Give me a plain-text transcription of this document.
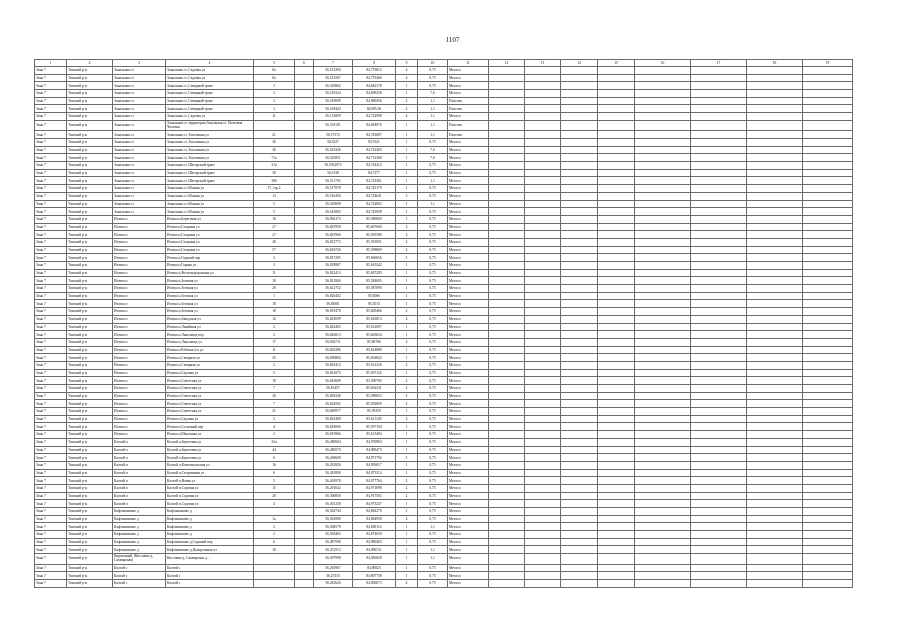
1107
1	2	3	4	5	6	7	8	9	10	11	12	13	14	15	16	17	18	19
Зона 7	Томский р-н	Зональная ст.	Зональная ст.,Садовая ул	8а		56,512394	84,753812	4	0,75	Металл								
Зона 7	Томский р-н	Зональная ст.	Зональная ст.,Садовая ул	8а		56,512567	84,753466	4	0,75	Металл								
Зона 7	Томский р-н	Зональная ст.	Зональная ст.,Северный тракт	3		56,520862	84,682378	1	0,75	Металл								
Зона 7	Томский р-н	Зональная ст.	Зональная ст.,Северный тракт	3		56,519224	84,699258	1	7,6	Металл								
Зона 7	Томский р-н	Зональная ст.	Зональная ст.,Северный тракт	3		56,519099	84,980456	2	1,1	Пластик								
Зона 7	Томский р-н	Зональная ст.	Зональная ст.,Северный тракт	3		56,518442	84,985,56	2	1,1	Пластик								
Зона 7	Томский р-н	Зональная ст.	Зональная ст.,Садовая ул	11		56,152899	84,742998	4	1,1	Металл								
Зона 7	Томский р-н	Зональная ст.	Зональная ст.,территория Зональная ст. Почтовая Часовня			56,501181	84,694976	1	1,1	Пластик								
Зона 7	Томский р-н	Зональная ст.	Зональная ст.,Тополиная ул	21		56,57372	84,743687	1	1,1	Пластик								
Зона 7	Томский р-н	Зональная ст.	Зональная ст.,Тополиная ул	36		56,5227	84,7621	1	0,75	Металл								
Зона 7	Томский р-н	Зональная ст.	Зональная ст.,Тополиная ул	36		56,523446	84,742465	1	7,6	Металл								
Зона 7	Томский р-н	Зональная ст.	Зональная ст.,Тополиная ул	71а		56,525851	84,712368	1	7,6	Металл								
Зона 7	Томский р-н	Зональная ст.	Зональная ст.,Шегарский тракт	21а		56,5352974	84,744412	1	0,75	Металл								
Зона 7	Томский р-н	Зональная ст.	Зональная ст.,Шегарский тракт	30		56,5138	84,7277	1	0,75	Металл								
Зона 7	Томский р-н	Зональная ст.	Зональная ст.,Шегарский тракт	38б		56,511703	84,725301	1	1,1	Металл								
Зона 7	Томский р-н	Зональная ст.	Зональная ст.,Южная ул	17, стр.2		56,517878	84,745179	1	0,75	Металл								
Зона 7	Томский р-н	Зональная ст.	Зональная ст.,Южная ул	13		56,516456	84,744641	3	0,75	Металл								
Зона 7	Томский р-н	Зональная ст.	Зональная ст.,Южная ул	5		56,520808	84,742802	1	1,1	Металл								
Зона 7	Томский р-н	Зональная ст.	Зональная ст.,Южная ул	5		56,541805	84,745938	1	0,75	Металл								
Зона 7	Томский р-н	Итатка п	Итатка п,Береговая ул	16		56,836173	85,580669	1	0,75	Металл								
Зона 7	Томский р-н	Итатка п	Итатка п,Гагарина ул	27		56,825958	85,607660	2	0,75	Металл								
Зона 7	Томский р-н	Итатка п	Итатка п,Гагарина ул	27		56,825966	85,595586	2	0,75	Металл								
Зона 7	Томский р-н	Итатка п	Итатка п,Гагарина ул	40		56,812773	85,591851	2	0,75	Металл								
Зона 7	Томский р-н	Итатка п	Итатка п,Гагарина ул	57		56,816726	85,598869	2	0,75	Металл								
Зона 7	Томский р-н	Итатка п	Итатка п,Горький пер	2		56,817205	85,606656	1	0,75	Металл								
Зона 7	Томский р-н	Итатка п	Итатка п,Горная ул	3		56,818807	85,610242	1	0,75	Металл								
Зона 7	Томский р-н	Итатка п	Итатка п,Железнодорожная ул	11		56,822414	85,607205	1	0,75	Металл								
Зона 7	Томский р-н	Итатка п	Итатка п,Зеленая ул	10		56,821806	85,584695	1	0,75	Металл								
Зона 7	Томский р-н	Итатка п	Итатка п,Зеленая ул	29		56,821752	85,587090	1	0,75	Металл								
Зона 7	Томский р-н	Итатка п	Итатка п,Зеленая ул	1		56,826402	85,6066	1	0,75	Металл								
Зона 7	Томский р-н	Итатка п	Итатка п,Зеленая ул	18		56,83001	85,5013	1	0,75	Металл								
Зона 7	Томский р-н	Итатка п	Итатка п,Зеленая ул	10		56,819478	85,605466	2	0,75	Металл								
Зона 7	Томский р-н	Итатка п	Итатка п,Заводская ул	12		56,823699	85,616813	2	0,75	Металл								
Зона 7	Томский р-н	Итатка п	Итатка п,Линейная ул	2		56,822405	85,612697	1	0,75	Металл								
Зона 7	Томский р-н	Итатка п	Итатка п,Льнозавод пер	2		56,826613	85,603654	1	0,75	Металл								
Зона 7	Томский р-н	Итатка п	Итатка п,Льнозавод ул	17		56,826711	85,60766	2	0,75	Металл								
Зона 7	Томский р-н	Итатка п	Итатка п,Рабочая 2-я ул	11		56,820286	85,614889	1	0,75	Металл								
Зона 7	Томский р-н	Итатка п	Итатка п,Северная ул	35		56,830884	85,602822	1	0,75	Металл								
Зона 7	Томский р-н	Итатка п	Итатка п,Северная ул	2		56,823414	85,612226	2	0,75	Металл								
Зона 7	Томский р-н	Итатка п	Итатка п,Садовая ул	5		56,812075	85,597125	1	0,75	Металл								
Зона 7	Томский р-н	Итатка п	Итатка п,Советская ул	19		56,816609	85,590769	2	0,75	Металл								
Зона 7	Томский р-н	Итатка п	Итатка п,Советская ул	7		56,81457	85,602231	2	0,75	Металл								
Зона 7	Томский р-н	Итатка п	Итатка п,Советская ул	26		56,828346	85,589653	2	0,75	Металл								
Зона 7	Томский р-н	Итатка п	Итатка п,Советская ул	7		56,824592	85,592869	2	0,75	Металл								
Зона 7	Томский р-н	Итатка п	Итатка п,Советская ул	21		56,820977	85,59359	1	0,75	Металл								
Зона 7	Томский р-н	Итатка п	Итатка п,Садовая ул	2		56,825408	85,611345	2	0,75	Металл								
Зона 7	Томский р-н	Итатка п	Итатка п,Сосновый пер	4		56,818006	85,597194	1	0,75	Металл								
Зона 7	Томский р-н	Итатка п	Итатка п,Школьная ул	2		56,819966	85,613484	1	0,75	Металл								
Зона 7	Томский р-н	Калтай п	Калтай п,Береговая ул	32а		56,280684	84,976984	1	0,75	Металл								
Зона 7	Томский р-н	Калтай п	Калтай п,Береговая ул	44		56,280570	84,969473	1	0,75	Металл								
Зона 7	Томский р-н	Калтай п	Калтай п,Береговая ул	6		56,269609	84,971792	1	0,75	Металл								
Зона 7	Томский р-н	Калтай п	Калтай п,Комсомольская ул	16		56,281826	84,993017	1	0,75	Металл								
Зона 7	Томский р-н	Калтай п	Калтай п,Спортивная ул	6		56,281800	84,975214	1	0,75	Металл								
Зона 7	Томский р-н	Калтай п	Калтай п,Новая ул	5		56,263978	84,977764	2	0,75	Металл								
Зона 7	Томский р-н	Калтай п	Калтай п,Садовая ул	15		56,291042	84,971898	2	0,75	Металл								
Зона 7	Томский р-н	Калтай п	Калтай п,Садовая ул	20		56,300858	84,917503	2	0,75	Металл								
Зона 7	Томский р-н	Калтай п	Калтай п,Садовая ул	4		56,301238	84,973237	1	0,75	Металл								
Зона 7	Томский р-н	Кафтанчиково д	Кафтанчиково д			56,562744	84,864270	1	0,75	Металл								
Зона 7	Томский р-н	Кафтанчиково д	Кафтанчиково д	1а		56,561880	84,864930	2	0,75	Металл								
Зона 7	Томский р-н	Кафтанчиково д	Кафтанчиково д	2		56,568578	84,869114	1	1,1	Металл								
Зона 7	Томский р-н	Кафтанчиково д	Кафтанчиково д	2		56,563463	84,874650	1	0,75	Металл								
Зона 7	Томский р-н	Кафтанчиково д	Кафтанчиково д,Садовый пер	6		56,487598	84,980403	1	0,75	Металл								
Зона 7	Томский р-н	Кафтанчиково д	Кафтанчиково д,Центральная ул	16		56,472513	84,996721	1	1,1	Металл								
Зона 7	Томский р-н	Кирпичный, (Кисловка д, Сакмарская)	Кисловка д, Сакмарская д...			56,507998	84,956658	1	1,1	Металл								
Зона 7	Томский р-н	Калтай с	Калтай с			56,265967	84,80825	1	0,75	Металл								
Зона 7	Томский р-н	Калтай с	Калтай с			56,27433	84,807758	1	0,75	Металл								
Зона 7	Томский р-н	Калтай с	Калтай с			56,281626	84,806673	4	0,75	Металл								
